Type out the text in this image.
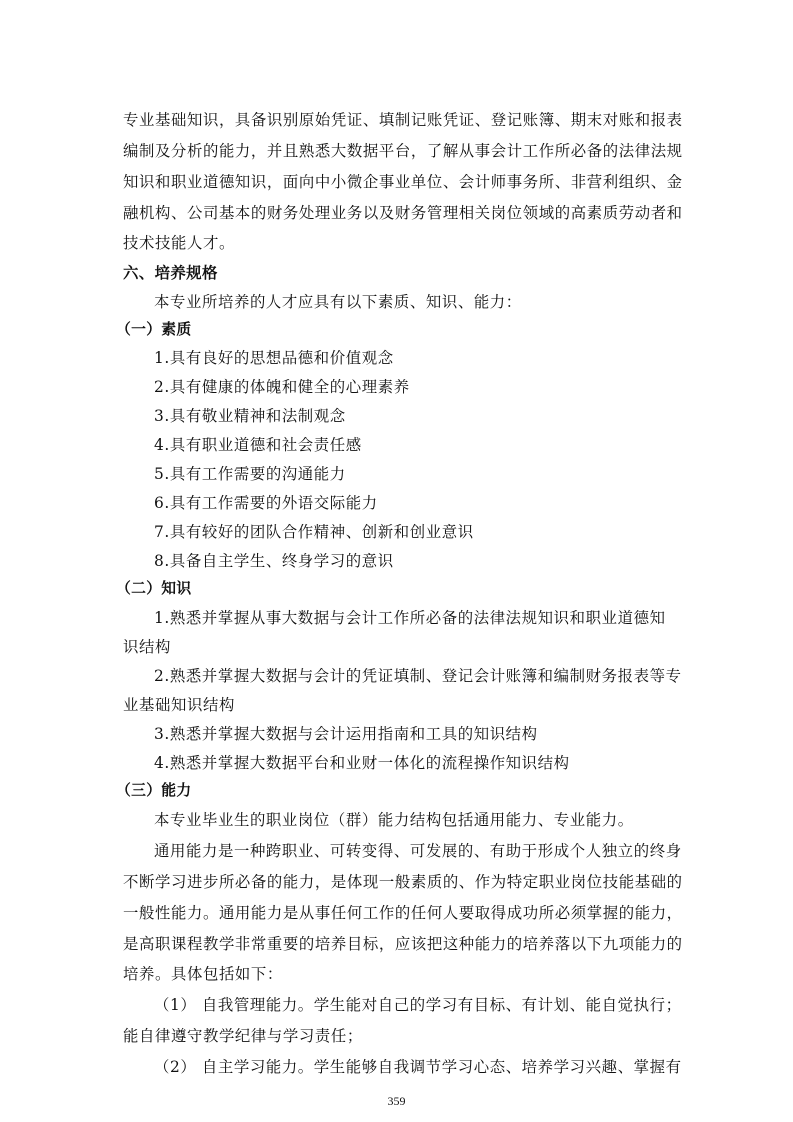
专业基础知识，具备识别原始凭证、填制记账凭证、登记账簿、期末对账和报表
编制及分析的能力，并且熟悉大数据平台，了解从事会计工作所必备的法律法规
知识和职业道德知识，面向中小微企事业单位、会计师事务所、非营利组织、金
融机构、公司基本的财务处理业务以及财务管理相关岗位领域的高素质劳动者和
技术技能人才。
六、培养规格
本专业所培养的人才应具有以下素质、知识、能力：
（一）素质
1.具有良好的思想品德和价值观念
2.具有健康的体魄和健全的心理素养
3.具有敬业精神和法制观念
4.具有职业道德和社会责任感
5.具有工作需要的沟通能力
6.具有工作需要的外语交际能力
7.具有较好的团队合作精神、创新和创业意识
8.具备自主学生、终身学习的意识
（二）知识
1.熟悉并掌握从事大数据与会计工作所必备的法律法规知识和职业道德知
识结构
2.熟悉并掌握大数据与会计的凭证填制、登记会计账簿和编制财务报表等专
业基础知识结构
3.熟悉并掌握大数据与会计运用指南和工具的知识结构
4.熟悉并掌握大数据平台和业财一体化的流程操作知识结构
（三）能力
本专业毕业生的职业岗位（群）能力结构包括通用能力、专业能力。
通用能力是一种跨职业、可转变得、可发展的、有助于形成个人独立的终身
不断学习进步所必备的能力，是体现一般素质的、作为特定职业岗位技能基础的
一般性能力。通用能力是从事任何工作的任何人要取得成功所必须掌握的能力，
是高职课程教学非常重要的培养目标，应该把这种能力的培养落以下九项能力的
培养。具体包括如下：
（1） 自我管理能力。学生能对自己的学习有目标、有计划、能自觉执行；
能自律遵守教学纪律与学习责任；
（2） 自主学习能力。学生能够自我调节学习心态、培养学习兴趣、掌握有
359
